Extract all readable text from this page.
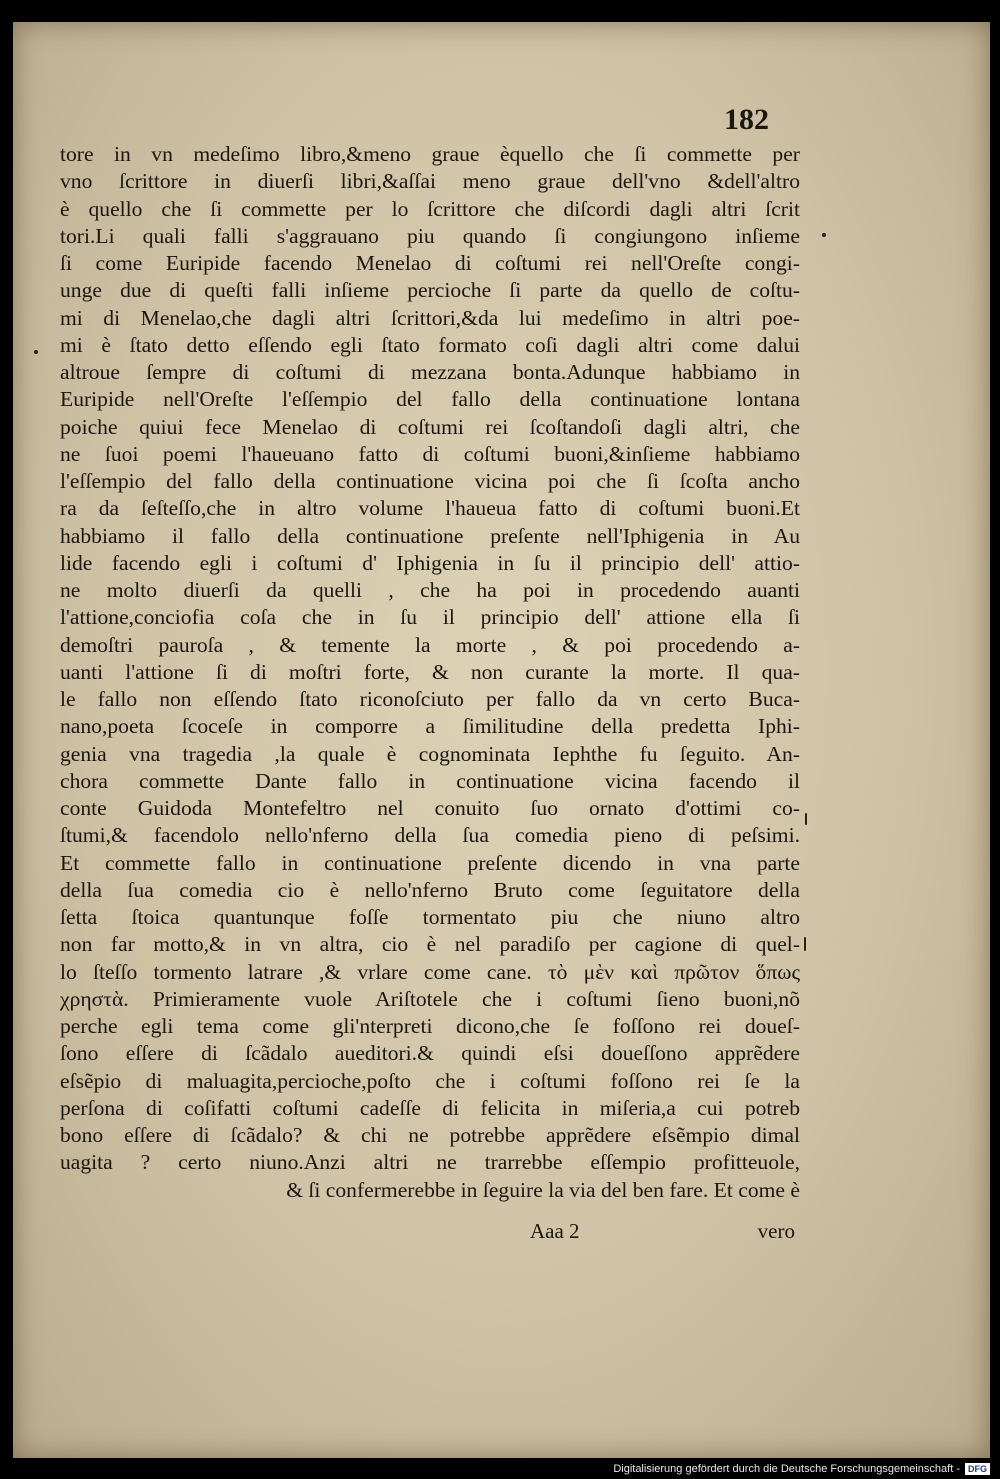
182
tore in vn medeſimo libro,&meno graue èquello che ſi commette per
vno ſcrittore in diuerſi libri,&aſſai meno graue dell'vno &dell'altro
è quello che ſi commette per lo ſcrittore che diſcordi dagli altri ſcrit
tori.Li quali falli s'aggrauano piu quando ſi congiungono inſieme
ſi come Euripide facendo Menelao di coſtumi rei nell'Oreſte congi-
unge due di queſti falli inſieme percioche ſi parte da quello de coſtu-
mi di Menelao,che dagli altri ſcrittori,&da lui medeſimo in altri poe-
mi è ſtato detto eſſendo egli ſtato formato coſi dagli altri come dalui
altroue ſempre di coſtumi di mezzana bonta.Adunque habbiamo in
Euripide nell'Oreſte l'eſſempio del fallo della continuatione lontana
poiche quiui fece Menelao di coſtumi rei ſcoſtandoſi dagli altri, che
ne ſuoi poemi l'haueuano fatto di coſtumi buoni,&inſieme habbiamo
l'eſſempio del fallo della continuatione vicina poi che ſi ſcoſta ancho
ra da ſeſteſſo,che in altro volume l'haueua fatto di coſtumi buoni.Et
habbiamo il fallo della continuatione preſente nell'Iphigenia in Au
lide facendo egli i coſtumi d' Iphigenia in ſu il principio dell' attio-
ne molto diuerſi da quelli , che ha poi in procedendo auanti
l'attione,conciofia coſa che in ſu il principio dell' attione ella ſi
demoſtri pauroſa , & temente la morte , & poi procedendo a-
uanti l'attione ſi di moſtri forte, & non curante la morte. Il qua-
le fallo non eſſendo ſtato riconoſciuto per fallo da vn certo Buca-
nano,poeta ſcoceſe in comporre a ſimilitudine della predetta Iphi-
genia vna tragedia ,la quale è cognominata Iephthe fu ſeguito. An-
chora commette Dante fallo in continuatione vicina facendo il
conte Guidoda Montefeltro nel conuito ſuo ornato d'ottimi co-
ſtumi,& facendolo nello'nferno della ſua comedia pieno di peſsimi.
Et commette fallo in continuatione preſente dicendo in vna parte
della ſua comedia cio è nello'nferno Bruto come ſeguitatore della
ſetta ſtoica quantunque foſſe tormentato piu che niuno altro
non far motto,& in vn altra, cio è nel paradiſo per cagione di quel-
lo ſteſſo tormento latrare ,& vrlare come cane. τὸ μὲν καὶ πρῶτον ὅπως
χρηστὰ. Primieramente vuole Ariſtotele che i coſtumi ſieno buoni,nõ
perche egli tema come gli'nterpreti dicono,che ſe foſſono rei doueſ-
ſono eſſere di ſcãdalo aueditori.& quindi eſsi doueſſono apprẽdere
eſsẽpio di maluagita,percioche,poſto che i coſtumi foſſono rei ſe la
perſona di coſifatti coſtumi cadeſſe di felicita in miſeria,a cui potreb
bono eſſere di ſcãdalo? & chi ne potrebbe apprẽdere eſsẽmpio dimal
uagita ? certo niuno.Anzi altri ne trarrebbe eſſempio profitteuole,
& ſi confermerebbe in ſeguire la via del ben fare. Et come è
Aaa 2	vero
Digitalisierung gefördert durch die Deutsche Forschungsgemeinschaft - DFG
